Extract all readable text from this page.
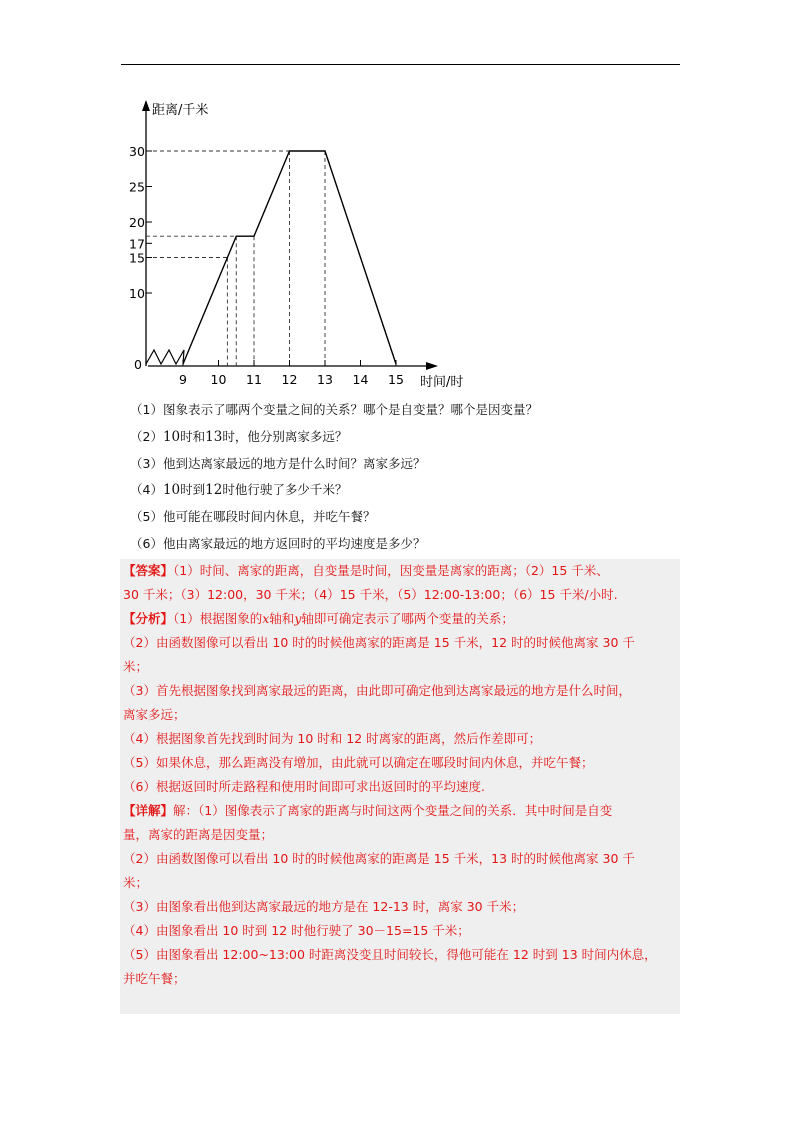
0
10
15
17
20
25
30
9 10 11 12 13 14 15
距离/千米
时间/时
（1）图象表示了哪两个变量之间的关系？哪个是自变量？哪个是因变量？
（2）10时和13时，他分别离家多远？
（3）他到达离家最远的地方是什么时间？离家多远？
（4）10时到12时他行驶了多少千米？
（5）他可能在哪段时间内休息，并吃午餐？
（6）他由离家最远的地方返回时的平均速度是多少？
【答案】（1）时间、离家的距离，自变量是时间，因变量是离家的距离；（2）15 千米、
30 千米；（3）12:00，30 千米；（4）15 千米，（5）12:00-13:00；（6）15 千米/小时.
【分析】（1）根据图象的x轴和y轴即可确定表示了哪两个变量的关系；
（2）由函数图像可以看出 10 时的时候他离家的距离是 15 千米，12 时的时候他离家 30 千
米；
（3）首先根据图象找到离家最远的距离，由此即可确定他到达离家最远的地方是什么时间，
离家多远；
（4）根据图象首先找到时间为 10 时和 12 时离家的距离，然后作差即可；
（5）如果休息，那么距离没有增加，由此就可以确定在哪段时间内休息，并吃午餐；
（6）根据返回时所走路程和使用时间即可求出返回时的平均速度.
【详解】解：（1）图像表示了离家的距离与时间这两个变量之间的关系．其中时间是自变
量，离家的距离是因变量；
（2）由函数图像可以看出 10 时的时候他离家的距离是 15 千米，13 时的时候他离家 30 千
米；
（3）由图象看出他到达离家最远的地方是在 12-13 时，离家 30 千米；
（4）由图象看出 10 时到 12 时他行驶了 30－15=15 千米；
（5）由图象看出 12:00~13:00 时距离没变且时间较长，得他可能在 12 时到 13 时间内休息，
并吃午餐；
